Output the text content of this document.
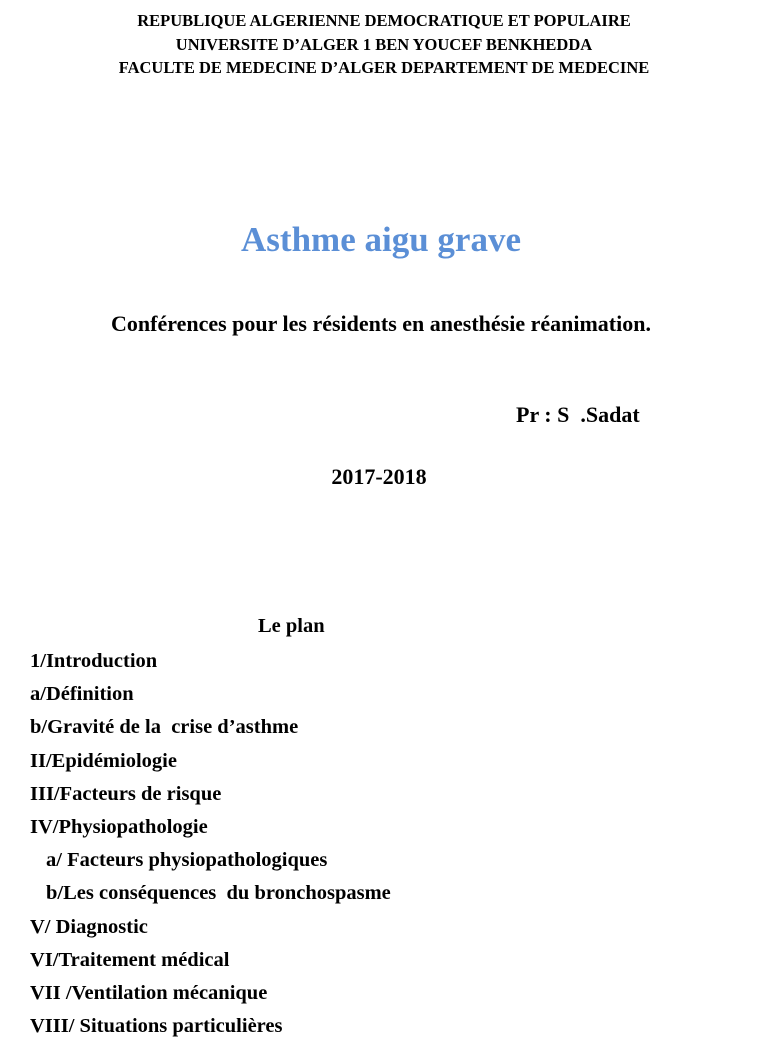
REPUBLIQUE ALGERIENNE DEMOCRATIQUE ET POPULAIRE
UNIVERSITE D’ALGER 1 BEN YOUCEF BENKHEDDA
FACULTE DE MEDECINE D’ALGER DEPARTEMENT DE MEDECINE
Asthme aigu grave
Conférences pour les résidents en anesthésie réanimation.
Pr : S  .Sadat
2017-2018
Le plan
1/Introduction
a/Définition
b/Gravité de la  crise d’asthme
II/Epidémiologie
III/Facteurs de risque
IV/Physiopathologie
a/ Facteurs physiopathologiques
b/Les conséquences  du bronchospasme
V/ Diagnostic
VI/Traitement médical
VII /Ventilation mécanique
VIII/ Situations particulières
